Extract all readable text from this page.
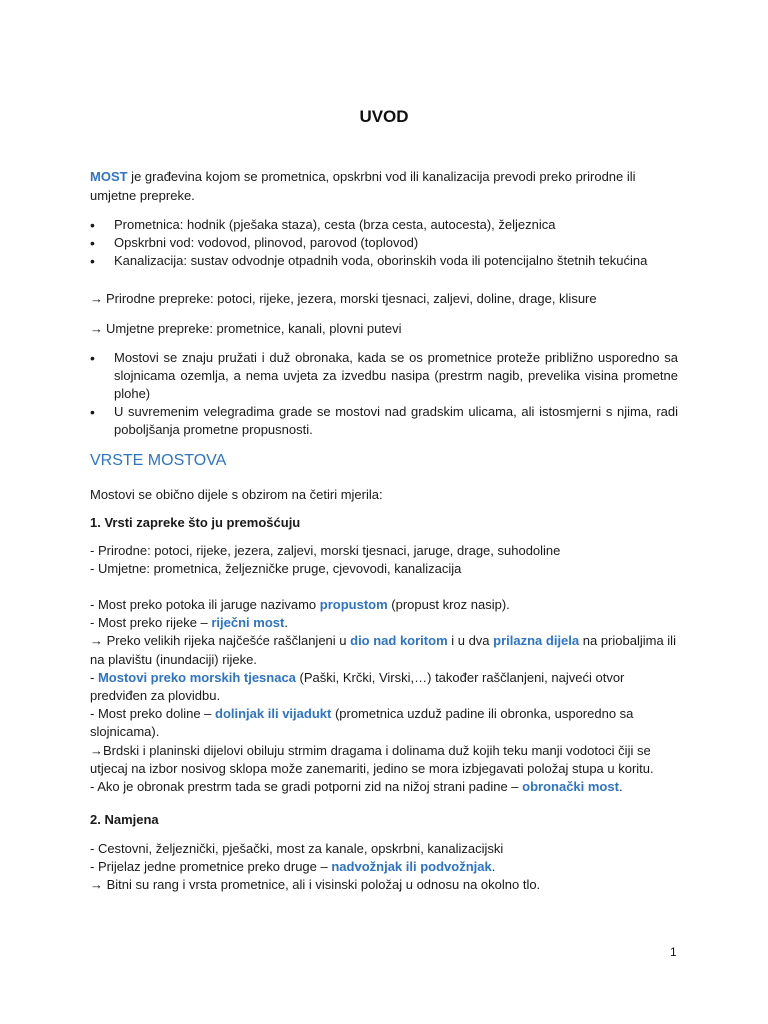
UVOD
MOST je građevina kojom se prometnica, opskrbni vod ili kanalizacija prevodi preko prirodne ili umjetne prepreke.
• Prometnica: hodnik (pješaka staza), cesta (brza cesta, autocesta), željeznica
• Opskrbni vod: vodovod, plinovod, parovod (toplovod)
• Kanalizacija: sustav odvodnje otpadnih voda, oborinskih voda ili potencijalno štetnih tekućina
→ Prirodne prepreke: potoci, rijeke, jezera, morski tjesnaci, zaljevi, doline, drage, klisure
→ Umjetne prepreke: prometnice, kanali, plovni putevi
• Mostovi se znaju pružati i duž obronaka, kada se os prometnice proteže približno usporedno sa slojnicama ozemlja, a nema uvjeta za izvedbu nasipa (prestrm nagib, prevelika visina prometne plohe)
• U suvremenim velegradima grade se mostovi nad gradskim ulicama, ali istosmjerni s njima, radi poboljšanja prometne propusnosti.
VRSTE MOSTOVA
Mostovi se obično dijele s obzirom na četiri mjerila:
1. Vrsti zapreke što ju premošćuju
- Prirodne: potoci, rijeke, jezera, zaljevi, morski tjesnaci, jaruge, drage, suhodoline
- Umjetne: prometnica, željezničke pruge, cjevovodi, kanalizacija
- Most preko potoka ili jaruge nazivamo propustom (propust kroz nasip).
- Most preko rijeke – riječni most.
→ Preko velikih rijeka najčešće raščlanjeni u dio nad koritom i u dva prilazna dijela na priobaljima ili na plavištu (inundaciji) rijeke.
- Mostovi preko morskih tjesnaca (Paški, Krčki, Virski,…) također raščlanjeni, najveći otvor predviđen za plovidbu.
- Most preko doline – dolinjak ili vijadukt (prometnica uzduž padine ili obronka, usporedno sa slojnicama).
→Brdski i planinski dijelovi obiluju strmim dragama i dolinama duž kojih teku manji vodotoci čiji se utjecaj na izbor nosivog sklopa može zanemariti, jedino se mora izbjegavati položaj stupa u koritu.
- Ako je obronak prestrm tada se gradi potporni zid na nižoj strani padine – obronački most.
2. Namjena
- Cestovni, željeznički, pješački, most za kanale, opskrbni, kanalizacijski
- Prijelaz jedne prometnice preko druge – nadvožnjak ili podvožnjak.
→ Bitni su rang i vrsta prometnice, ali i visinski položaj u odnosu na okolno tlo.
1
